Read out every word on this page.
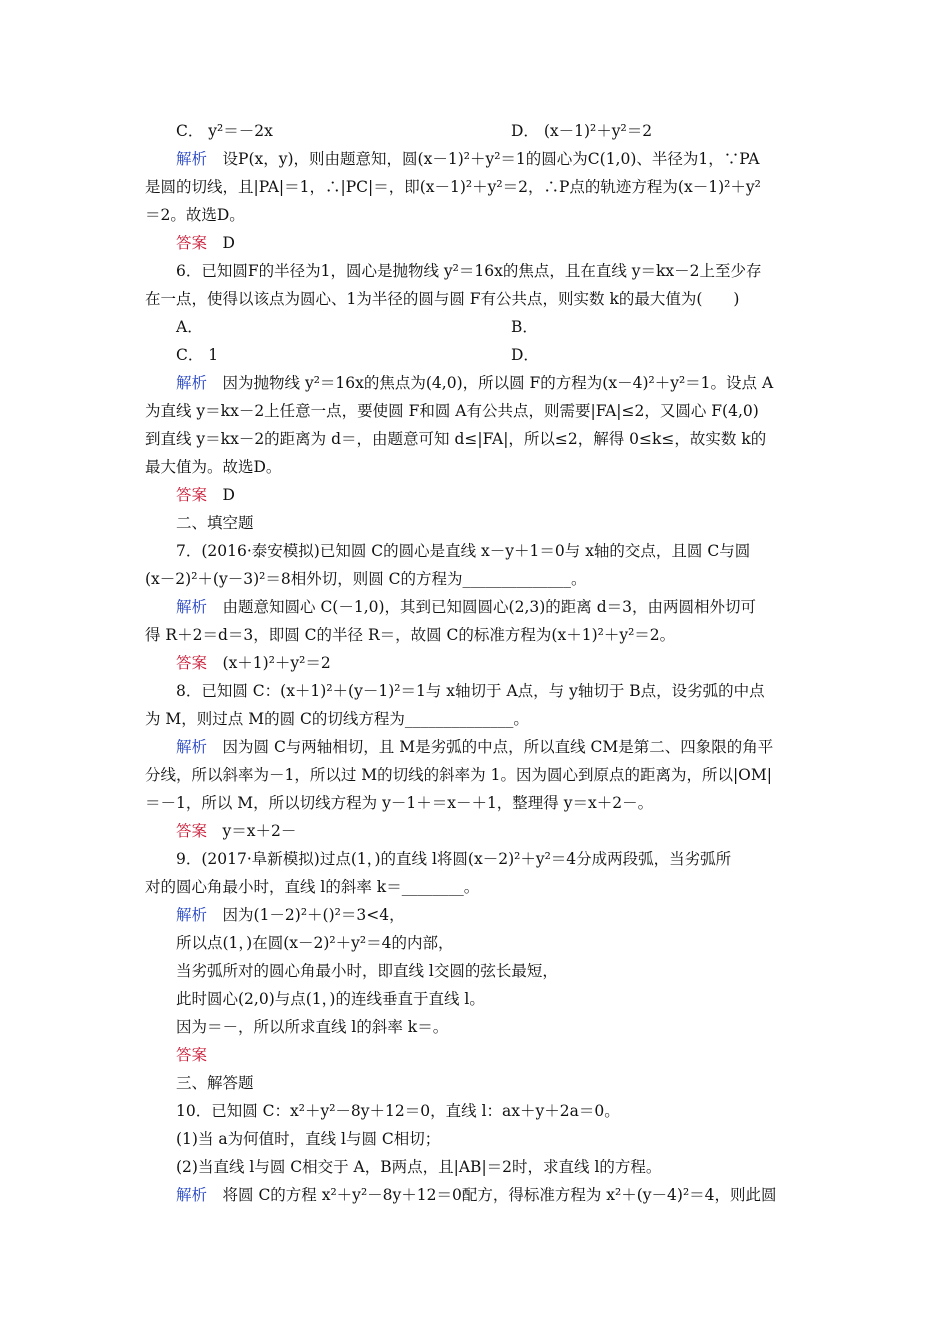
C． y²＝－2x	D． (x－1)²＋y²＝2
解析　设P(x，y)，则由题意知，圆(x－1)²＋y²＝1的圆心为C(1,0)、半径为1，∵PA
是圆的切线，且|PA|＝1，∴|PC|＝，即(x－1)²＋y²＝2，∴P点的轨迹方程为(x－1)²＋y²
＝2。故选D。
答案　D
6．已知圆F的半径为1，圆心是抛物线 y²＝16x的焦点，且在直线 y＝kx－2上至少存
在一点，使得以该点为圆心、1为半径的圆与圆 F有公共点，则实数 k的最大值为(　　)
A．	B．
C． 1	D．
解析　因为抛物线 y²＝16x的焦点为(4,0)，所以圆 F的方程为(x－4)²＋y²＝1。设点 A
为直线 y＝kx－2上任意一点，要使圆 F和圆 A有公共点，则需要|FA|≤2，又圆心 F(4,0)
到直线 y＝kx－2的距离为 d＝，由题意可知 d≤|FA|，所以≤2，解得 0≤k≤，故实数 k的
最大值为。故选D。
答案　D
二、填空题
7．(2016·泰安模拟)已知圆 C的圆心是直线 x－y＋1＝0与 x轴的交点，且圆 C与圆
(x－2)²＋(y－3)²＝8相外切，则圆 C的方程为______________。
解析　由题意知圆心 C(－1,0)，其到已知圆圆心(2,3)的距离 d＝3，由两圆相外切可
得 R＋2＝d＝3，即圆 C的半径 R＝，故圆 C的标准方程为(x＋1)²＋y²＝2。
答案　(x＋1)²＋y²＝2
8．已知圆 C：(x＋1)²＋(y－1)²＝1与 x轴切于 A点，与 y轴切于 B点，设劣弧的中点
为 M，则过点 M的圆 C的切线方程为______________。
解析　因为圆 C与两轴相切，且 M是劣弧的中点，所以直线 CM是第二、四象限的角平
分线，所以斜率为－1，所以过 M的切线的斜率为 1。因为圆心到原点的距离为，所以|OM|
＝－1，所以 M，所以切线方程为 y－1＋＝x－＋1，整理得 y＝x＋2－。
答案　y＝x＋2－
9．(2017·阜新模拟)过点(1，)的直线 l将圆(x－2)²＋y²＝4分成两段弧，当劣弧所
对的圆心角最小时，直线 l的斜率 k＝________。
解析　因为(1－2)²＋()²＝3<4，
所以点(1，)在圆(x－2)²＋y²＝4的内部，
当劣弧所对的圆心角最小时，即直线 l交圆的弦长最短，
此时圆心(2,0)与点(1，)的连线垂直于直线 l。
因为＝－，所以所求直线 l的斜率 k＝。
答案
三、解答题
10．已知圆 C：x²＋y²－8y＋12＝0，直线 l：ax＋y＋2a＝0。
(1)当 a为何值时，直线 l与圆 C相切；
(2)当直线 l与圆 C相交于 A，B两点，且|AB|＝2时，求直线 l的方程。
解析　将圆 C的方程 x²＋y²－8y＋12＝0配方，得标准方程为 x²＋(y－4)²＝4，则此圆
